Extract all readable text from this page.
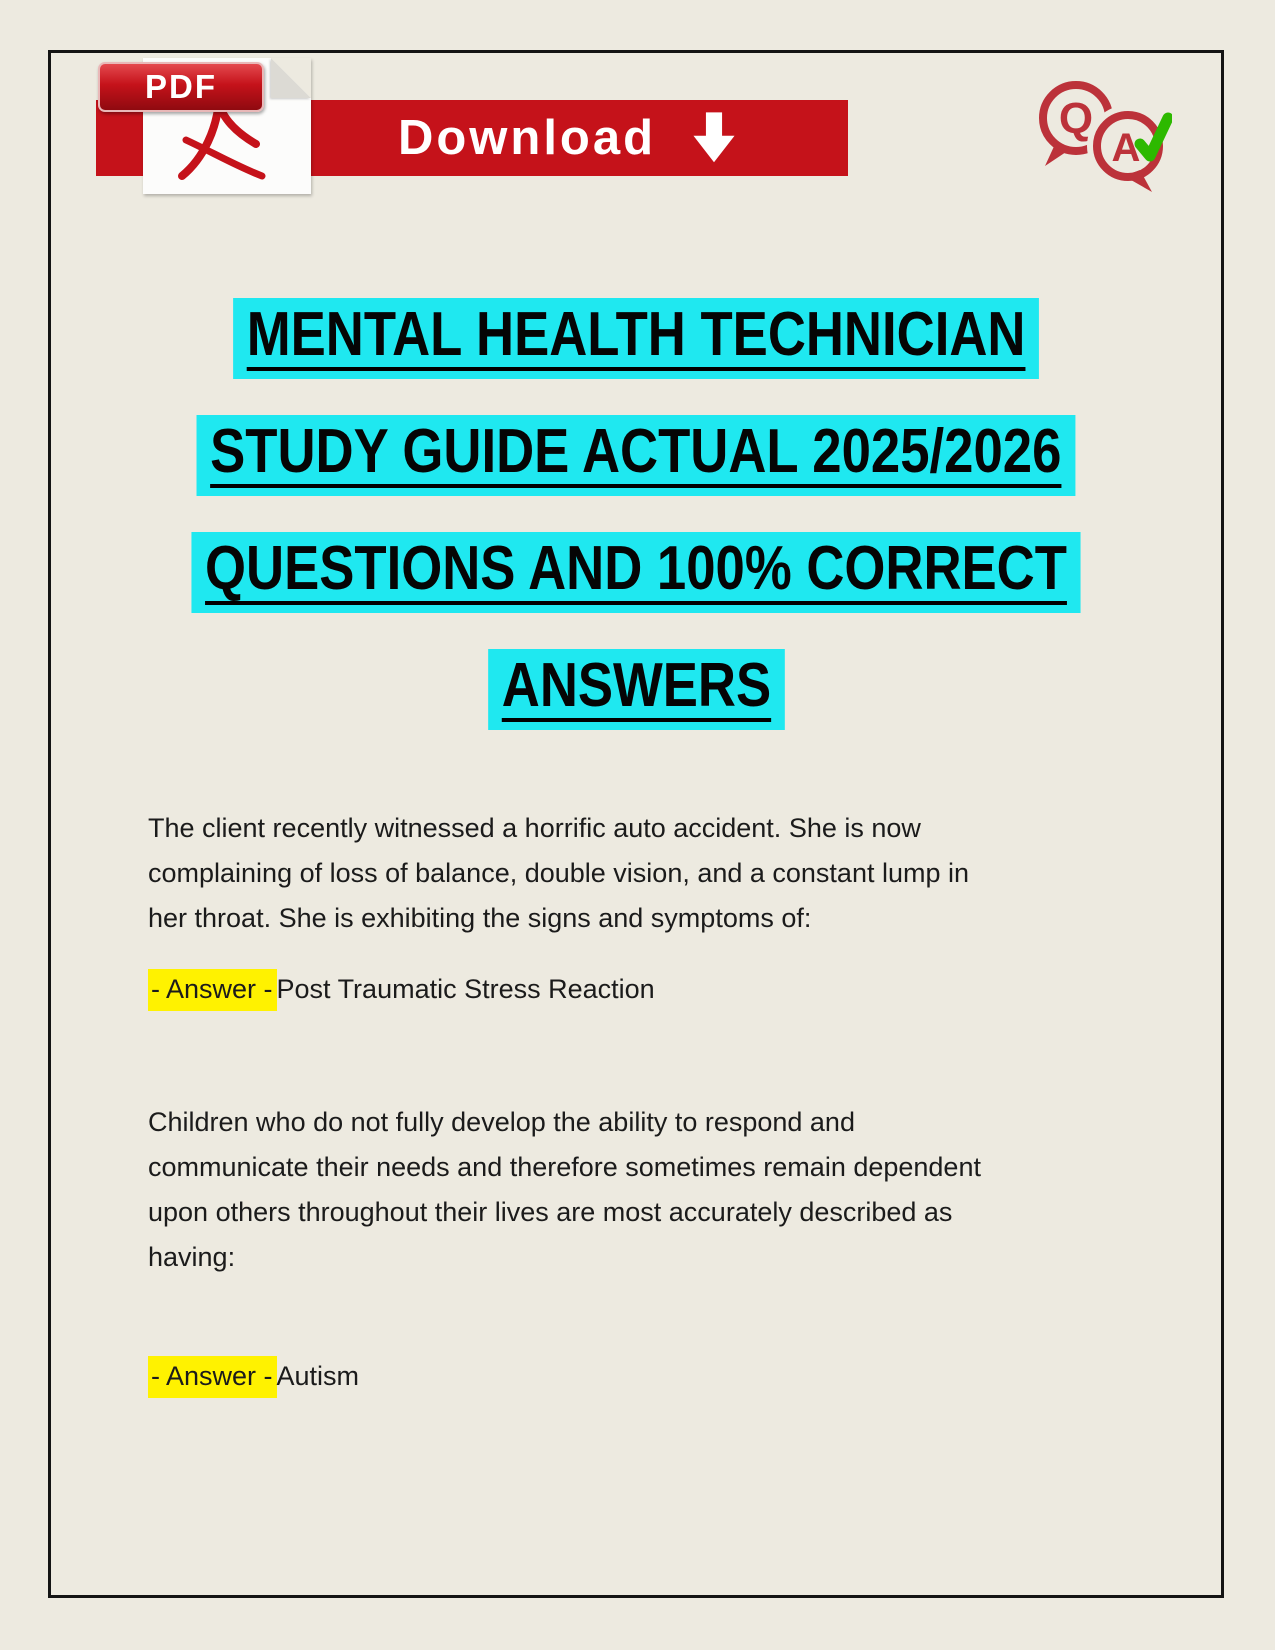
Download
PDF
Q
A
MENTAL HEALTH TECHNICIAN
STUDY GUIDE ACTUAL 2025/2026
QUESTIONS AND 100% CORRECT
ANSWERS
The client recently witnessed a horrific auto accident. She is now
complaining of loss of balance, double vision, and a constant lump in
her throat. She is exhibiting the signs and symptoms of:
- Answer - Post Traumatic Stress Reaction
Children who do not fully develop the ability to respond and
communicate their needs and therefore sometimes remain dependent
upon others throughout their lives are most accurately described as
having:
- Answer - Autism
